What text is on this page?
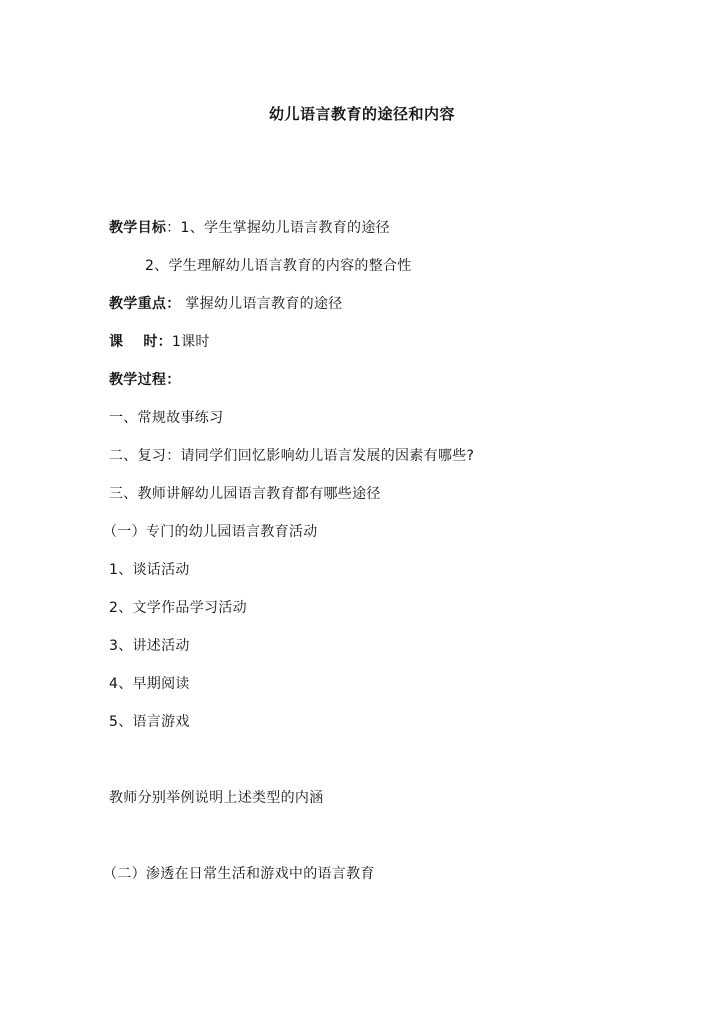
幼儿语言教育的途径和内容
教学目标：1、学生掌握幼儿语言教育的途径
2、学生理解幼儿语言教育的内容的整合性
教学重点： 掌握幼儿语言教育的途径
课 时：1课时
教学过程：
一、常规故事练习
二、复习：请同学们回忆影响幼儿语言发展的因素有哪些?
三、教师讲解幼儿园语言教育都有哪些途径
（一）专门的幼儿园语言教育活动
1、谈话活动
2、文学作品学习活动
3、讲述活动
4、早期阅读
5、语言游戏
教师分别举例说明上述类型的内涵
（二）渗透在日常生活和游戏中的语言教育
